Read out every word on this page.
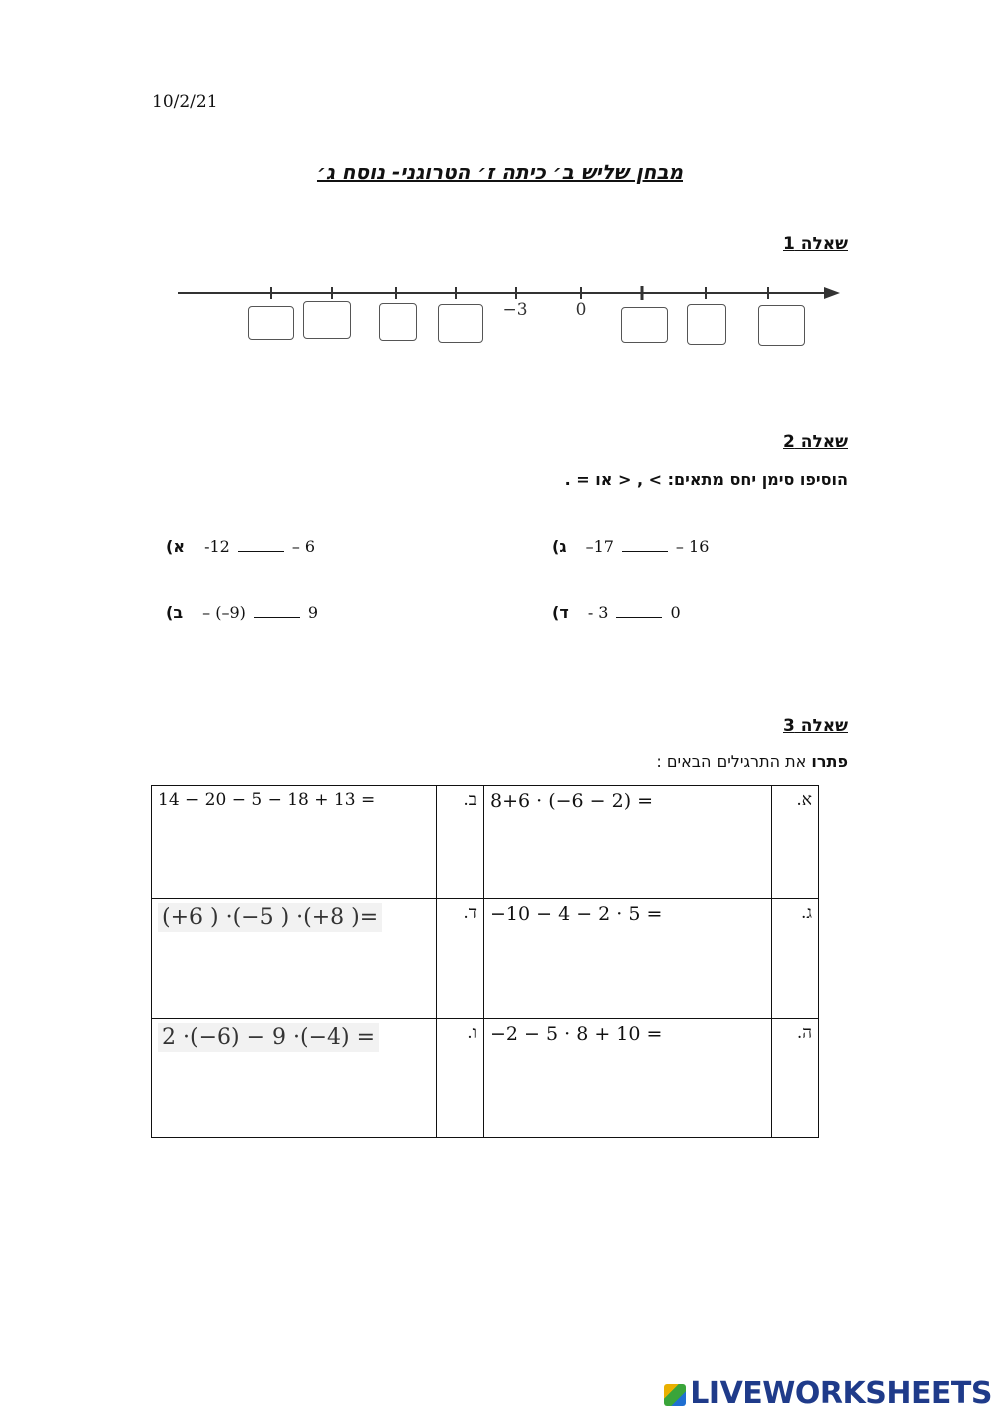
10/2/21
מבחן שליש ב׳ כיתה ז׳ הטרוגני- נוסח ג׳
שאלה 1
−3	0
שאלה 2
הוסיפו סימן יחס מתאים: > , < או = .
א) -12	– 6
ב) – (–9)	9
ג) –17	– 16
ד) - 3	0
שאלה 3
פתרו את התרגילים הבאים :
14 − 20 − 5 − 18 + 13 =	ב.	8+6 · (−6 − 2) =	א.
(+6 ) ·(−5 ) ·(+8 )=	ד.	−10 − 4 − 2 · 5 =	ג.
2 ·(−6) − 9 ·(−4) =	ו.	−2 − 5 · 8 + 10 =	ה.
LIVEWORKSHEETS
